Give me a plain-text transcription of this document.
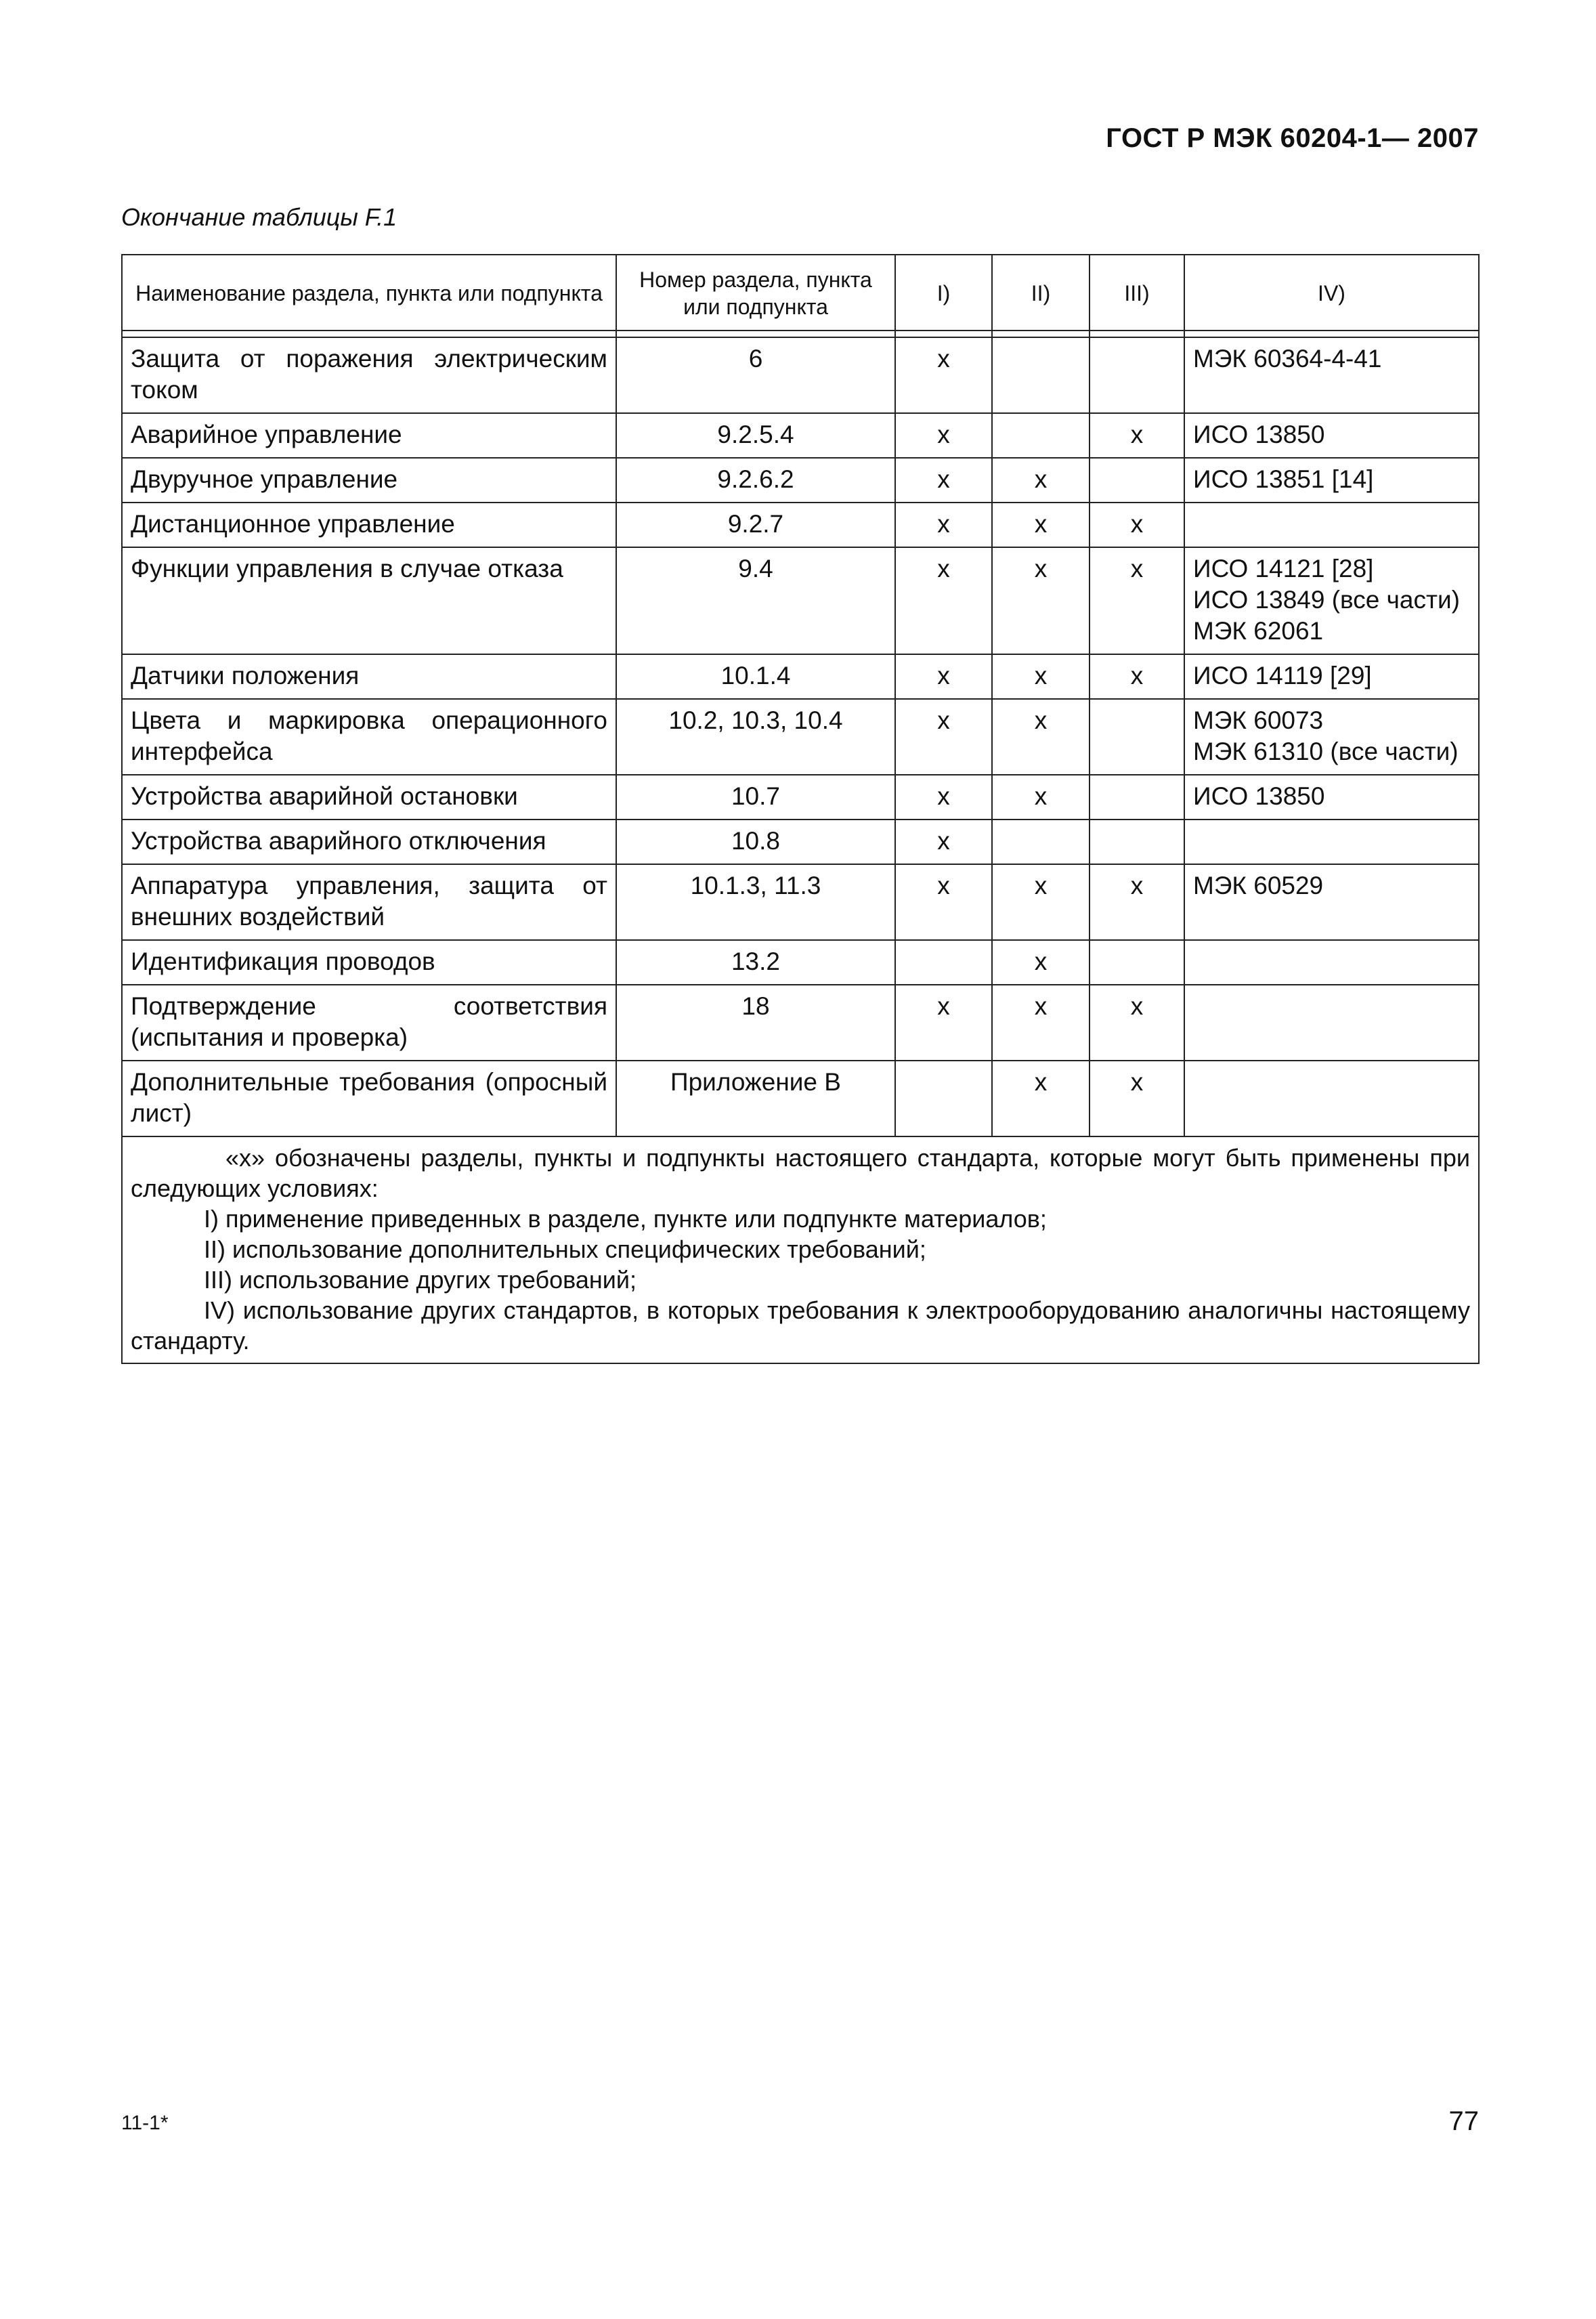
ГОСТ Р МЭК 60204-1— 2007
Окончание таблицы F.1
Наименование раздела, пункта или подпункта	Номер раздела, пункта или подпункта	I)	II)	III)	IV)

Защита от поражения электрическим током	6	x			МЭК 60364-4-41

Аварийное управление	9.2.5.4	x		x	ИСО 13850

Двуручное управление	9.2.6.2	x	x		ИСО 13851 [14]

Дистанционное управление	9.2.7	x	x	x	
Функции управления в случае отказа	9.4	x	x	x	ИСО 14121 [28]
ИСО 13849 (все части)
МЭК 62061

Датчики положения	10.1.4	x	x	x	ИСО 14119 [29]

Цвета и маркировка операционного интерфейса	10.2, 10.3, 10.4	x	x		МЭК 60073
МЭК 61310 (все части)

Устройства аварийной остановки	10.7	x	x		ИСО 13850

Устройства аварийного отключения	10.8	x			
Аппаратура управления, защита от внешних воздействий	10.1.3, 11.3	x	x	x	МЭК 60529

Идентификация проводов	13.2		x		
Подтверждение соответствия (испытания и проверка)	18	x	x	x	
Дополнительные требования (опросный лист)	Приложение В		x	x	

«x» обозначены разделы, пункты и подпункты настоящего стандарта, которые могут быть применены при следующих условиях:
I) применение приведенных в разделе, пункте или подпункте материалов;
II) использование дополнительных специфических требований;
III) использование других требований;
IV) использование других стандартов, в которых требования к электрооборудованию аналогичны настоящему стандарту.					
11-1*	77
